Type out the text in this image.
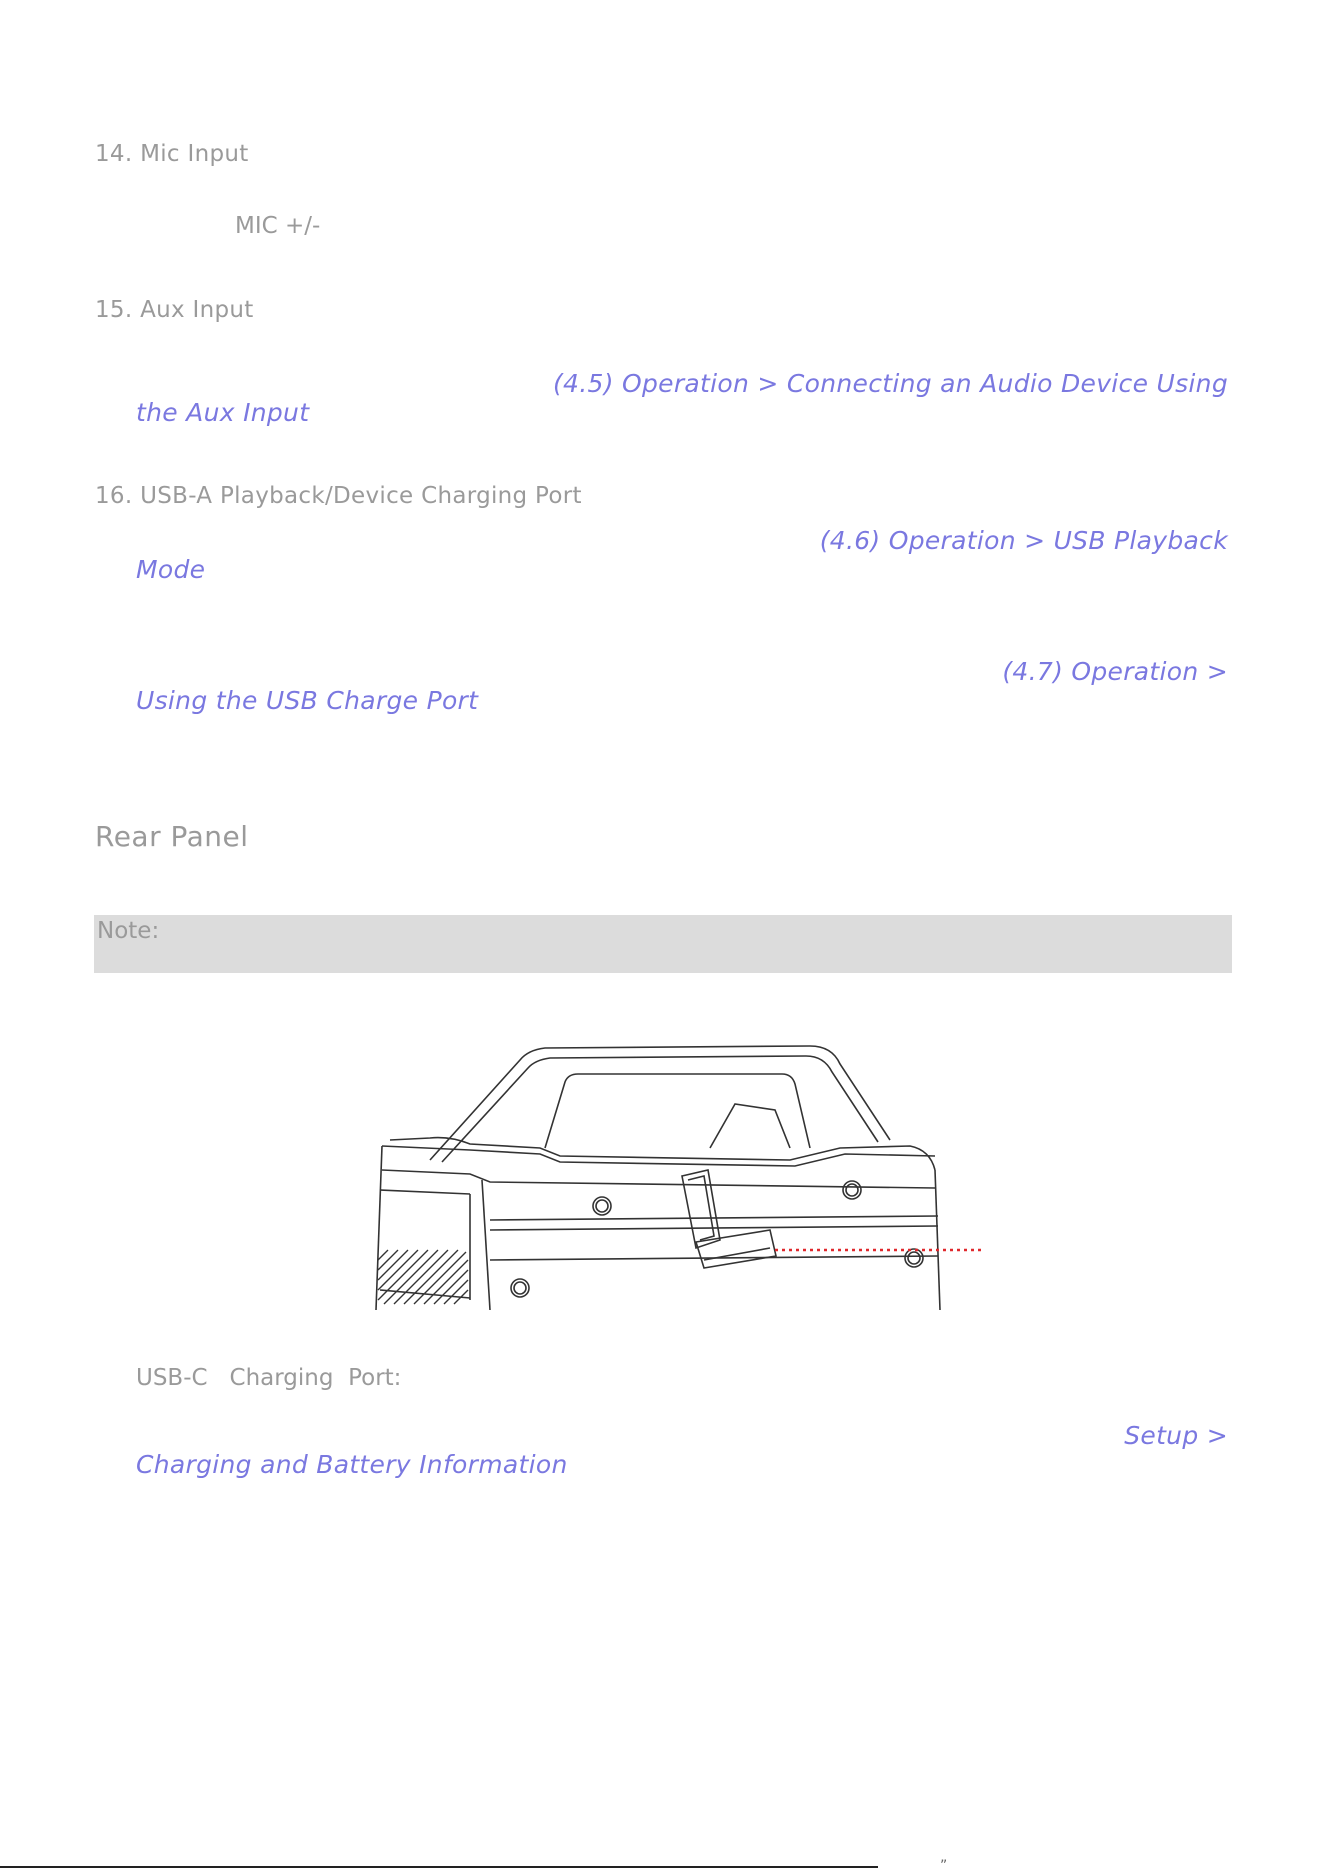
14. Mic Input
MIC +/-
15. Aux Input
(4.5) Operation > Connecting an Audio Device Using
the Aux Input
16. USB-A Playback/Device Charging Port
(4.6) Operation > USB Playback
Mode
(4.7) Operation >
Using the USB Charge Port
Rear Panel
Note:
USB-C   Charging  Port:
Setup >
Charging and Battery Information
”
